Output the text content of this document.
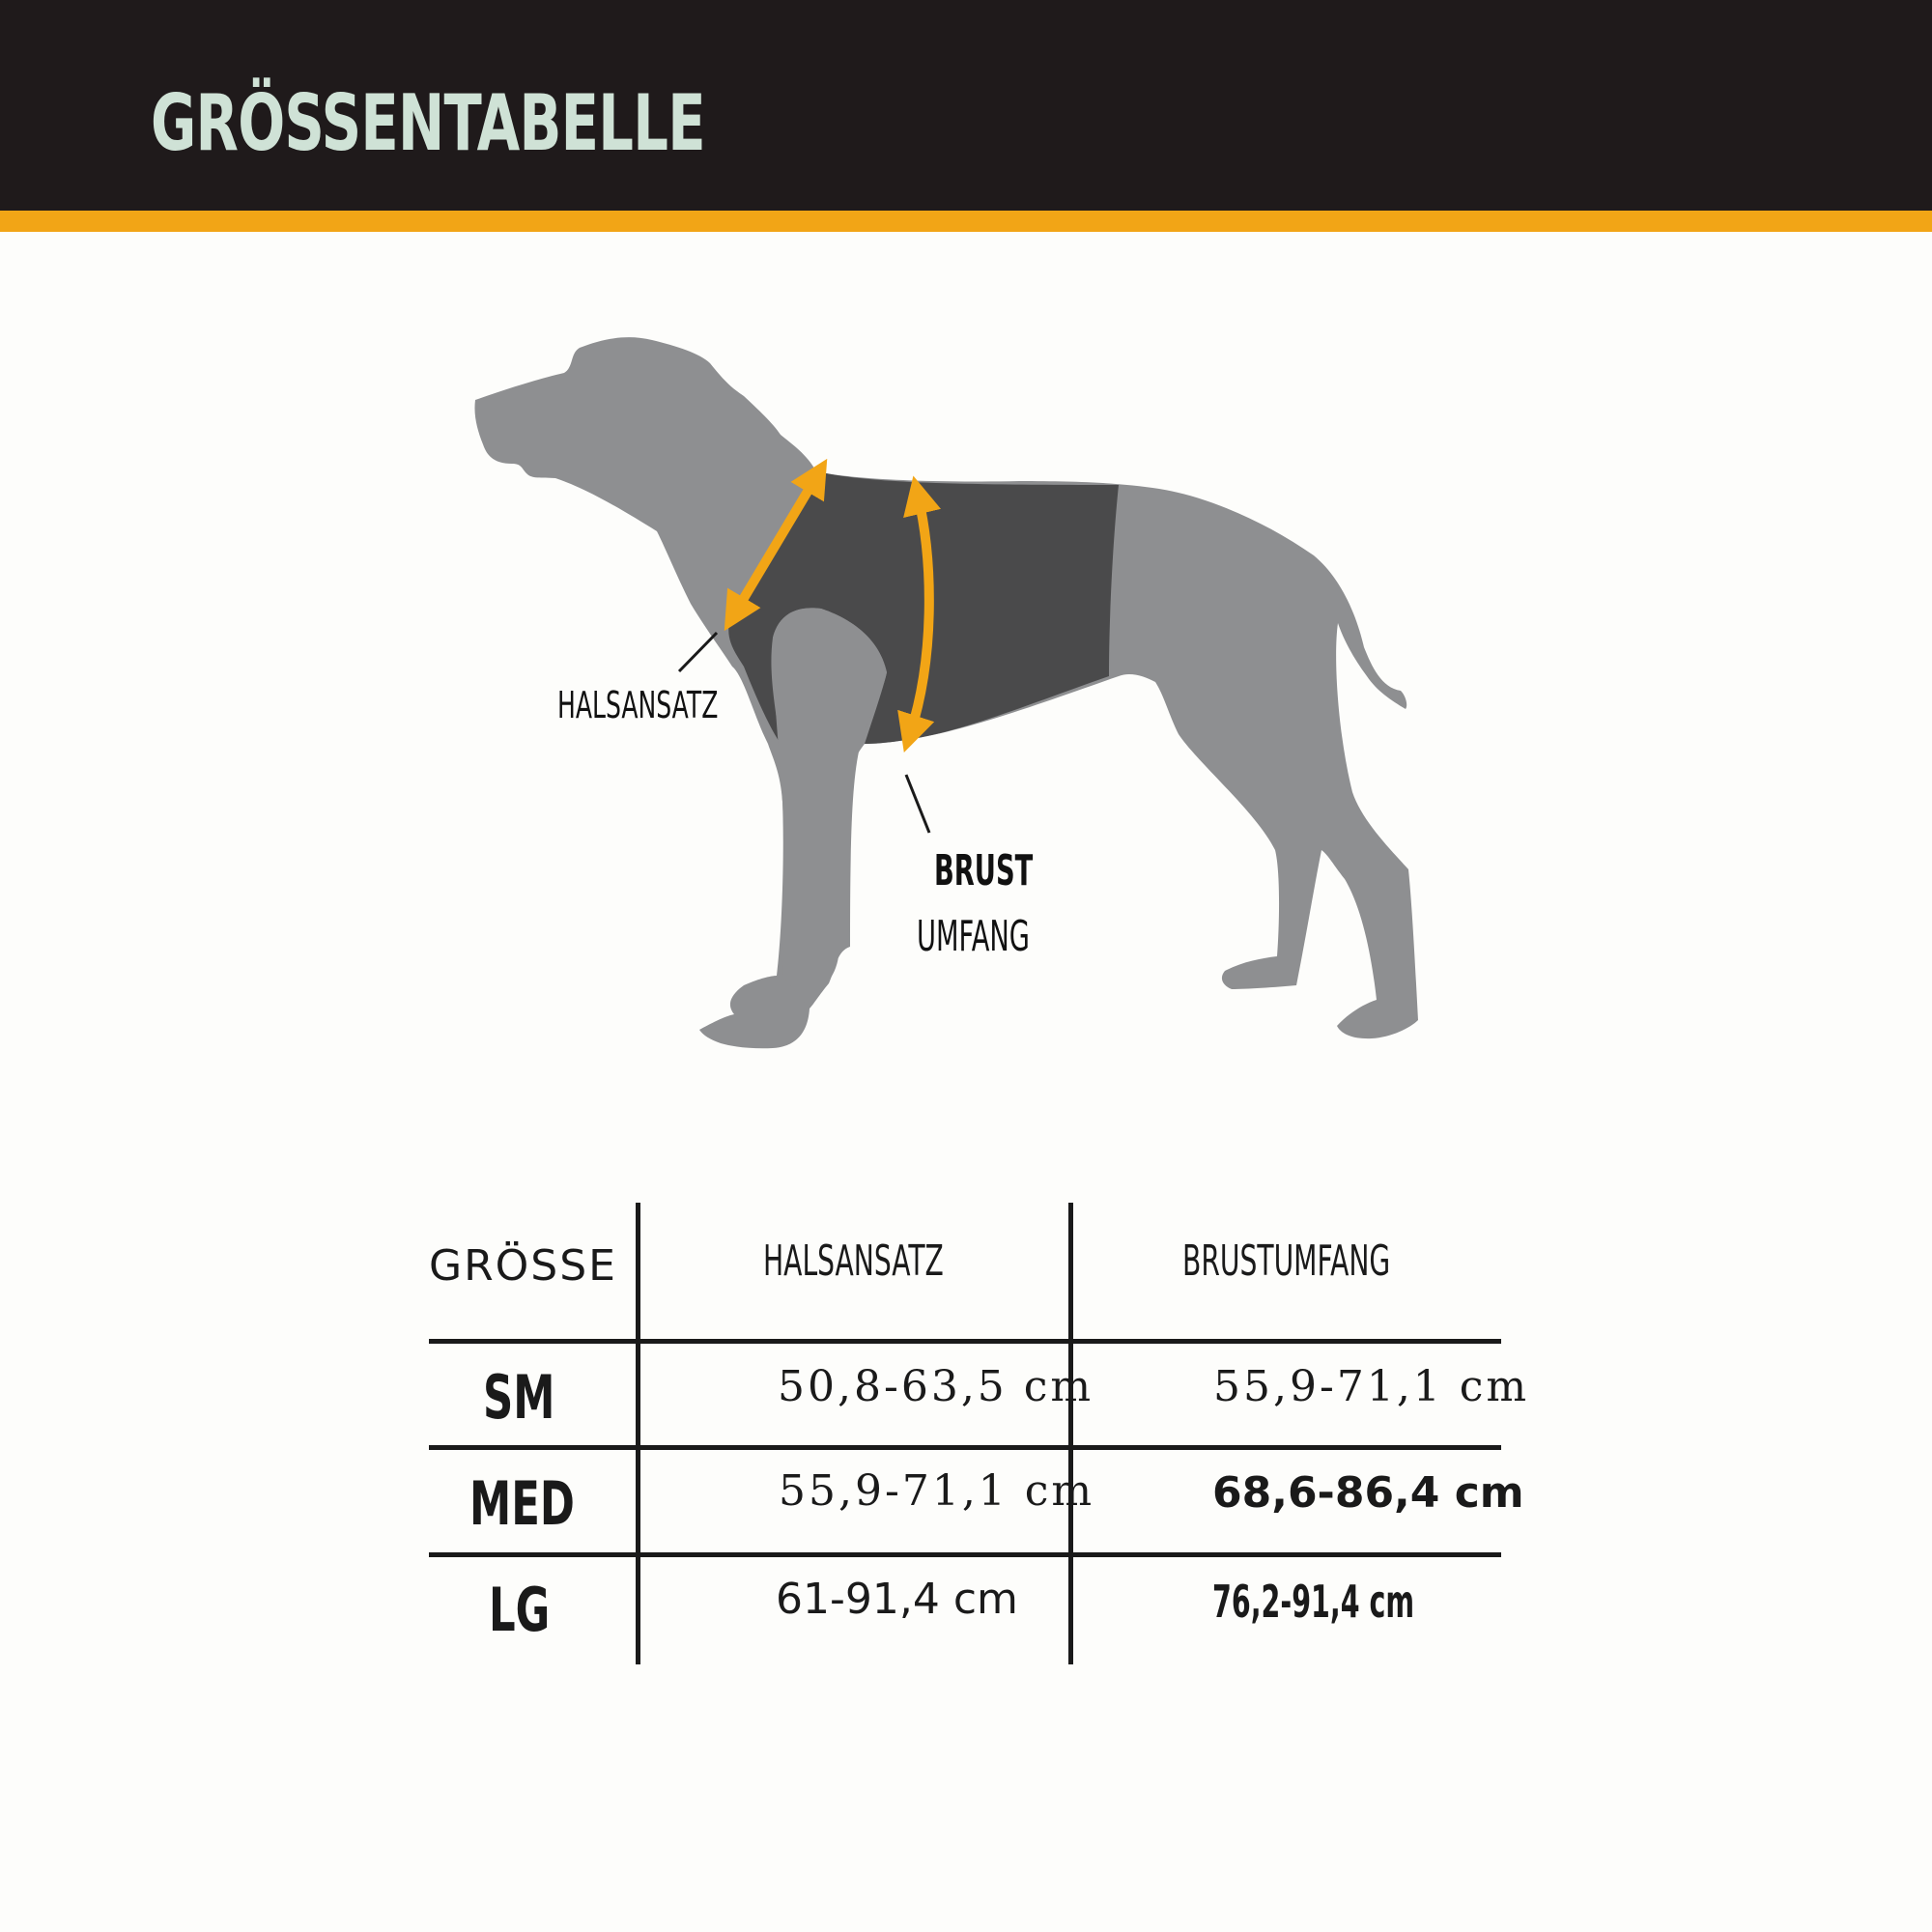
GRÖSSENTABELLE
HALSANSATZ
BRUST
UMFANG
GRÖSSE	HALSANSATZ	BRUSTUMFANG
SM	50,8-63,5 cm	55,9-71,1 cm
MED	55,9-71,1 cm	68,6-86,4 cm
LG	61-91,4 cm	76,2-91,4 cm
